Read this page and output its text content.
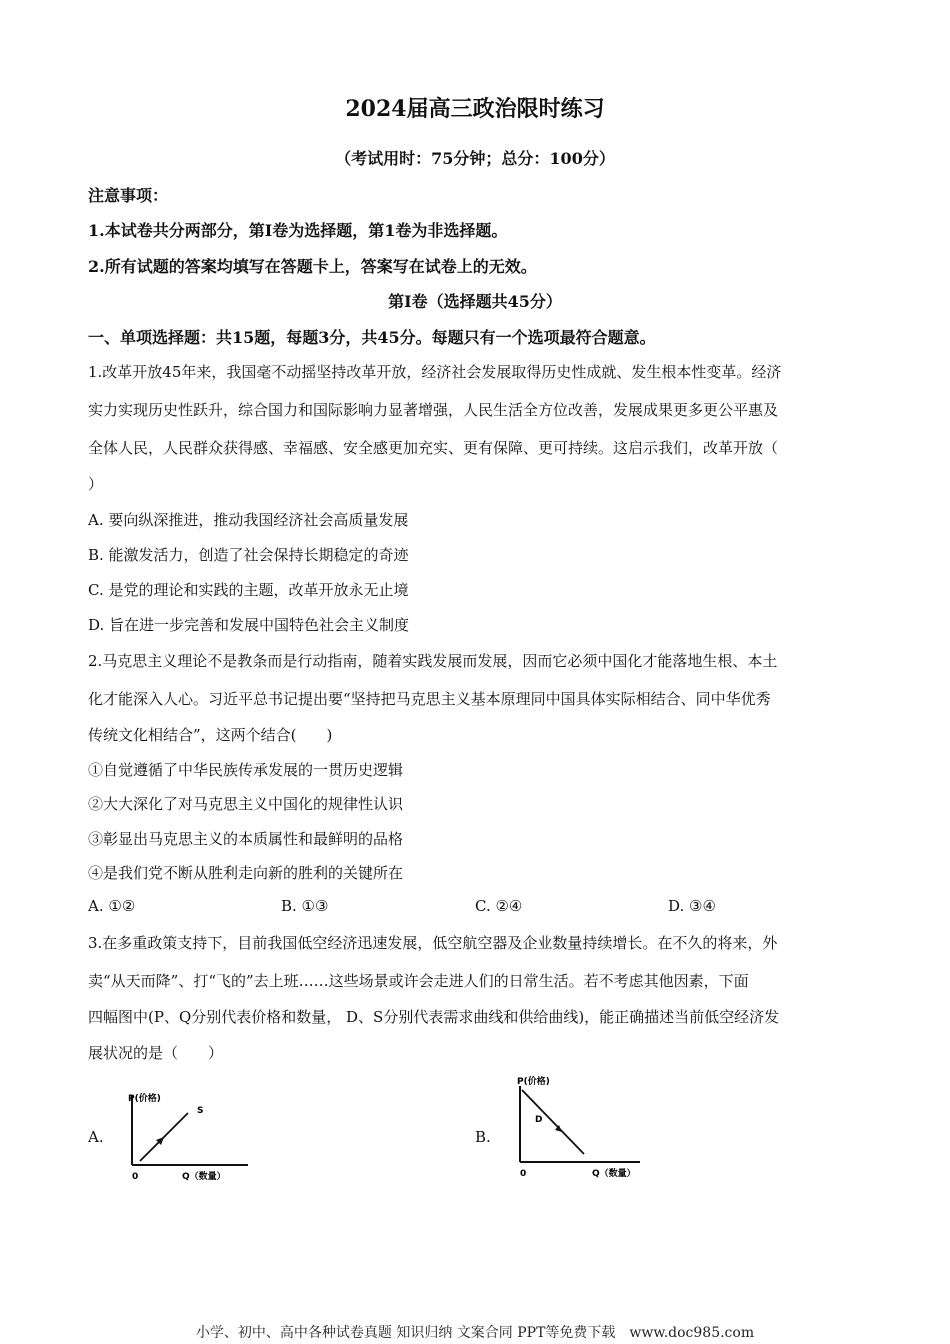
2024届高三政治限时练习
（考试用时：75分钟；总分：100分）
注意事项：
1.本试卷共分两部分，第Ⅰ卷为选择题，第1卷为非选择题。
2.所有试题的答案均填写在答题卡上，答案写在试卷上的无效。
第Ⅰ卷（选择题共45分）
一、单项选择题：共15题，每题3分，共45分。每题只有一个选项最符合题意。
1.改革开放45年来，我国毫不动摇坚持改革开放，经济社会发展取得历史性成就、发生根本性变革。经济
实力实现历史性跃升，综合国力和国际影响力显著增强，人民生活全方位改善，发展成果更多更公平惠及
全体人民，人民群众获得感、幸福感、安全感更加充实、更有保障、更可持续。这启示我们，改革开放（
）
A. 要向纵深推进，推动我国经济社会高质量发展
B. 能激发活力，创造了社会保持长期稳定的奇迹
C. 是党的理论和实践的主题，改革开放永无止境
D. 旨在进一步完善和发展中国特色社会主义制度
2.马克思主义理论不是教条而是行动指南，随着实践发展而发展，因而它必须中国化才能落地生根、本土
化才能深入人心。习近平总书记提出要“坚持把马克思主义基本原理同中国具体实际相结合、同中华优秀
传统文化相结合”，这两个结合(　　)
①自觉遵循了中华民族传承发展的一贯历史逻辑
②大大深化了对马克思主义中国化的规律性认识
③彰显出马克思主义的本质属性和最鲜明的品格
④是我们党不断从胜利走向新的胜利的关键所在
A. ①②	B. ①③	C. ②④	D. ③④
3.在多重政策支持下，目前我国低空经济迅速发展，低空航空器及企业数量持续增长。在不久的将来，外
卖“从天而降”、打“飞的”去上班……这些场景或许会走进人们的日常生活。若不考虑其他因素，下面
四幅图中(P、Q分别代表价格和数量， D、S分别代表需求曲线和供给曲线)，能正确描述当前低空经济发
展状况的是（　　）
A.
P(价格)
0	Q（数量）
S
B.
P(价格)
0	Q（数量）
D
小学、初中、高中各种试卷真题 知识归纳 文案合同 PPT等免费下载　www.doc985.com
